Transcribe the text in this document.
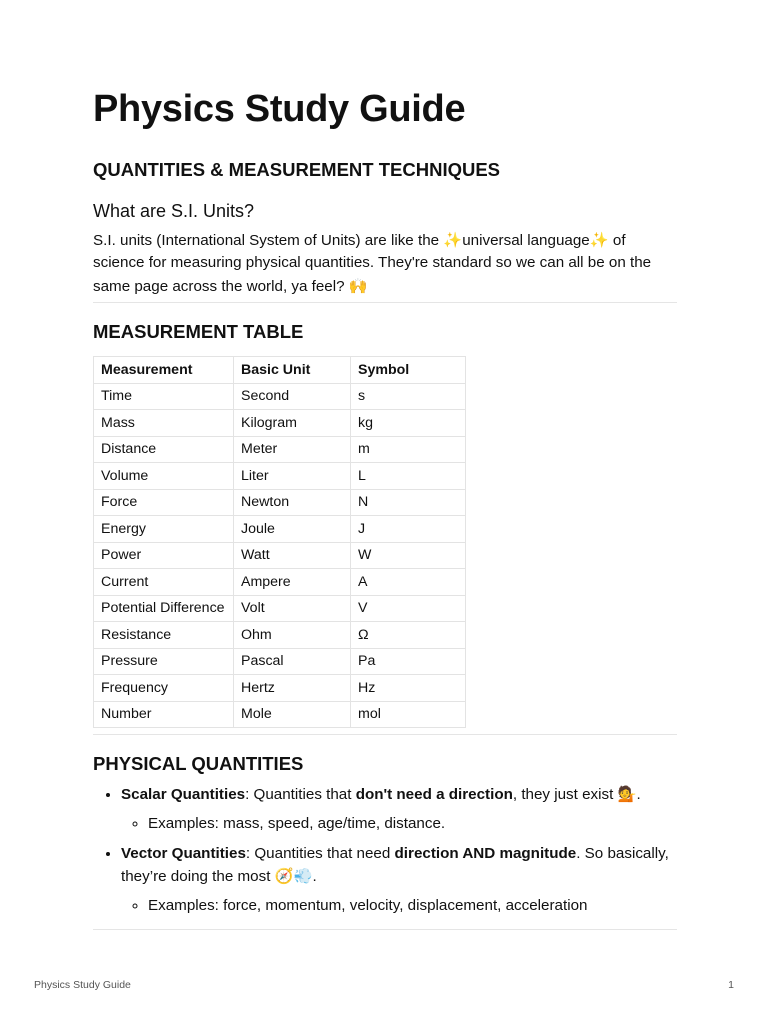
Physics Study Guide
QUANTITIES & MEASUREMENT TECHNIQUES
What are S.I. Units?

S.I. units (International System of Units) are like the ✨universal language✨ of science for measuring physical quantities. They're standard so we can all be on the same page across the world, ya feel? 🙌

MEASUREMENT TABLE
Measurement	Basic Unit	Symbol
Time	Second	s
Mass	Kilogram	kg
Distance	Meter	m
Volume	Liter	L
Force	Newton	N
Energy	Joule	J
Power	Watt	W
Current	Ampere	A
Potential Difference	Volt	V
Resistance	Ohm	Ω
Pressure	Pascal	Pa
Frequency	Hertz	Hz
Number	Mole	mol
PHYSICAL QUANTITIES
• Scalar Quantities: Quantities that don't need a direction, they just exist 💁.
◦ Examples: mass, speed, age/time, distance.
• Vector Quantities: Quantities that need direction AND magnitude. So basically, they’re doing the most 🧭💨.
◦ Examples: force, momentum, velocity, displacement, acceleration
Physics Study Guide	1
